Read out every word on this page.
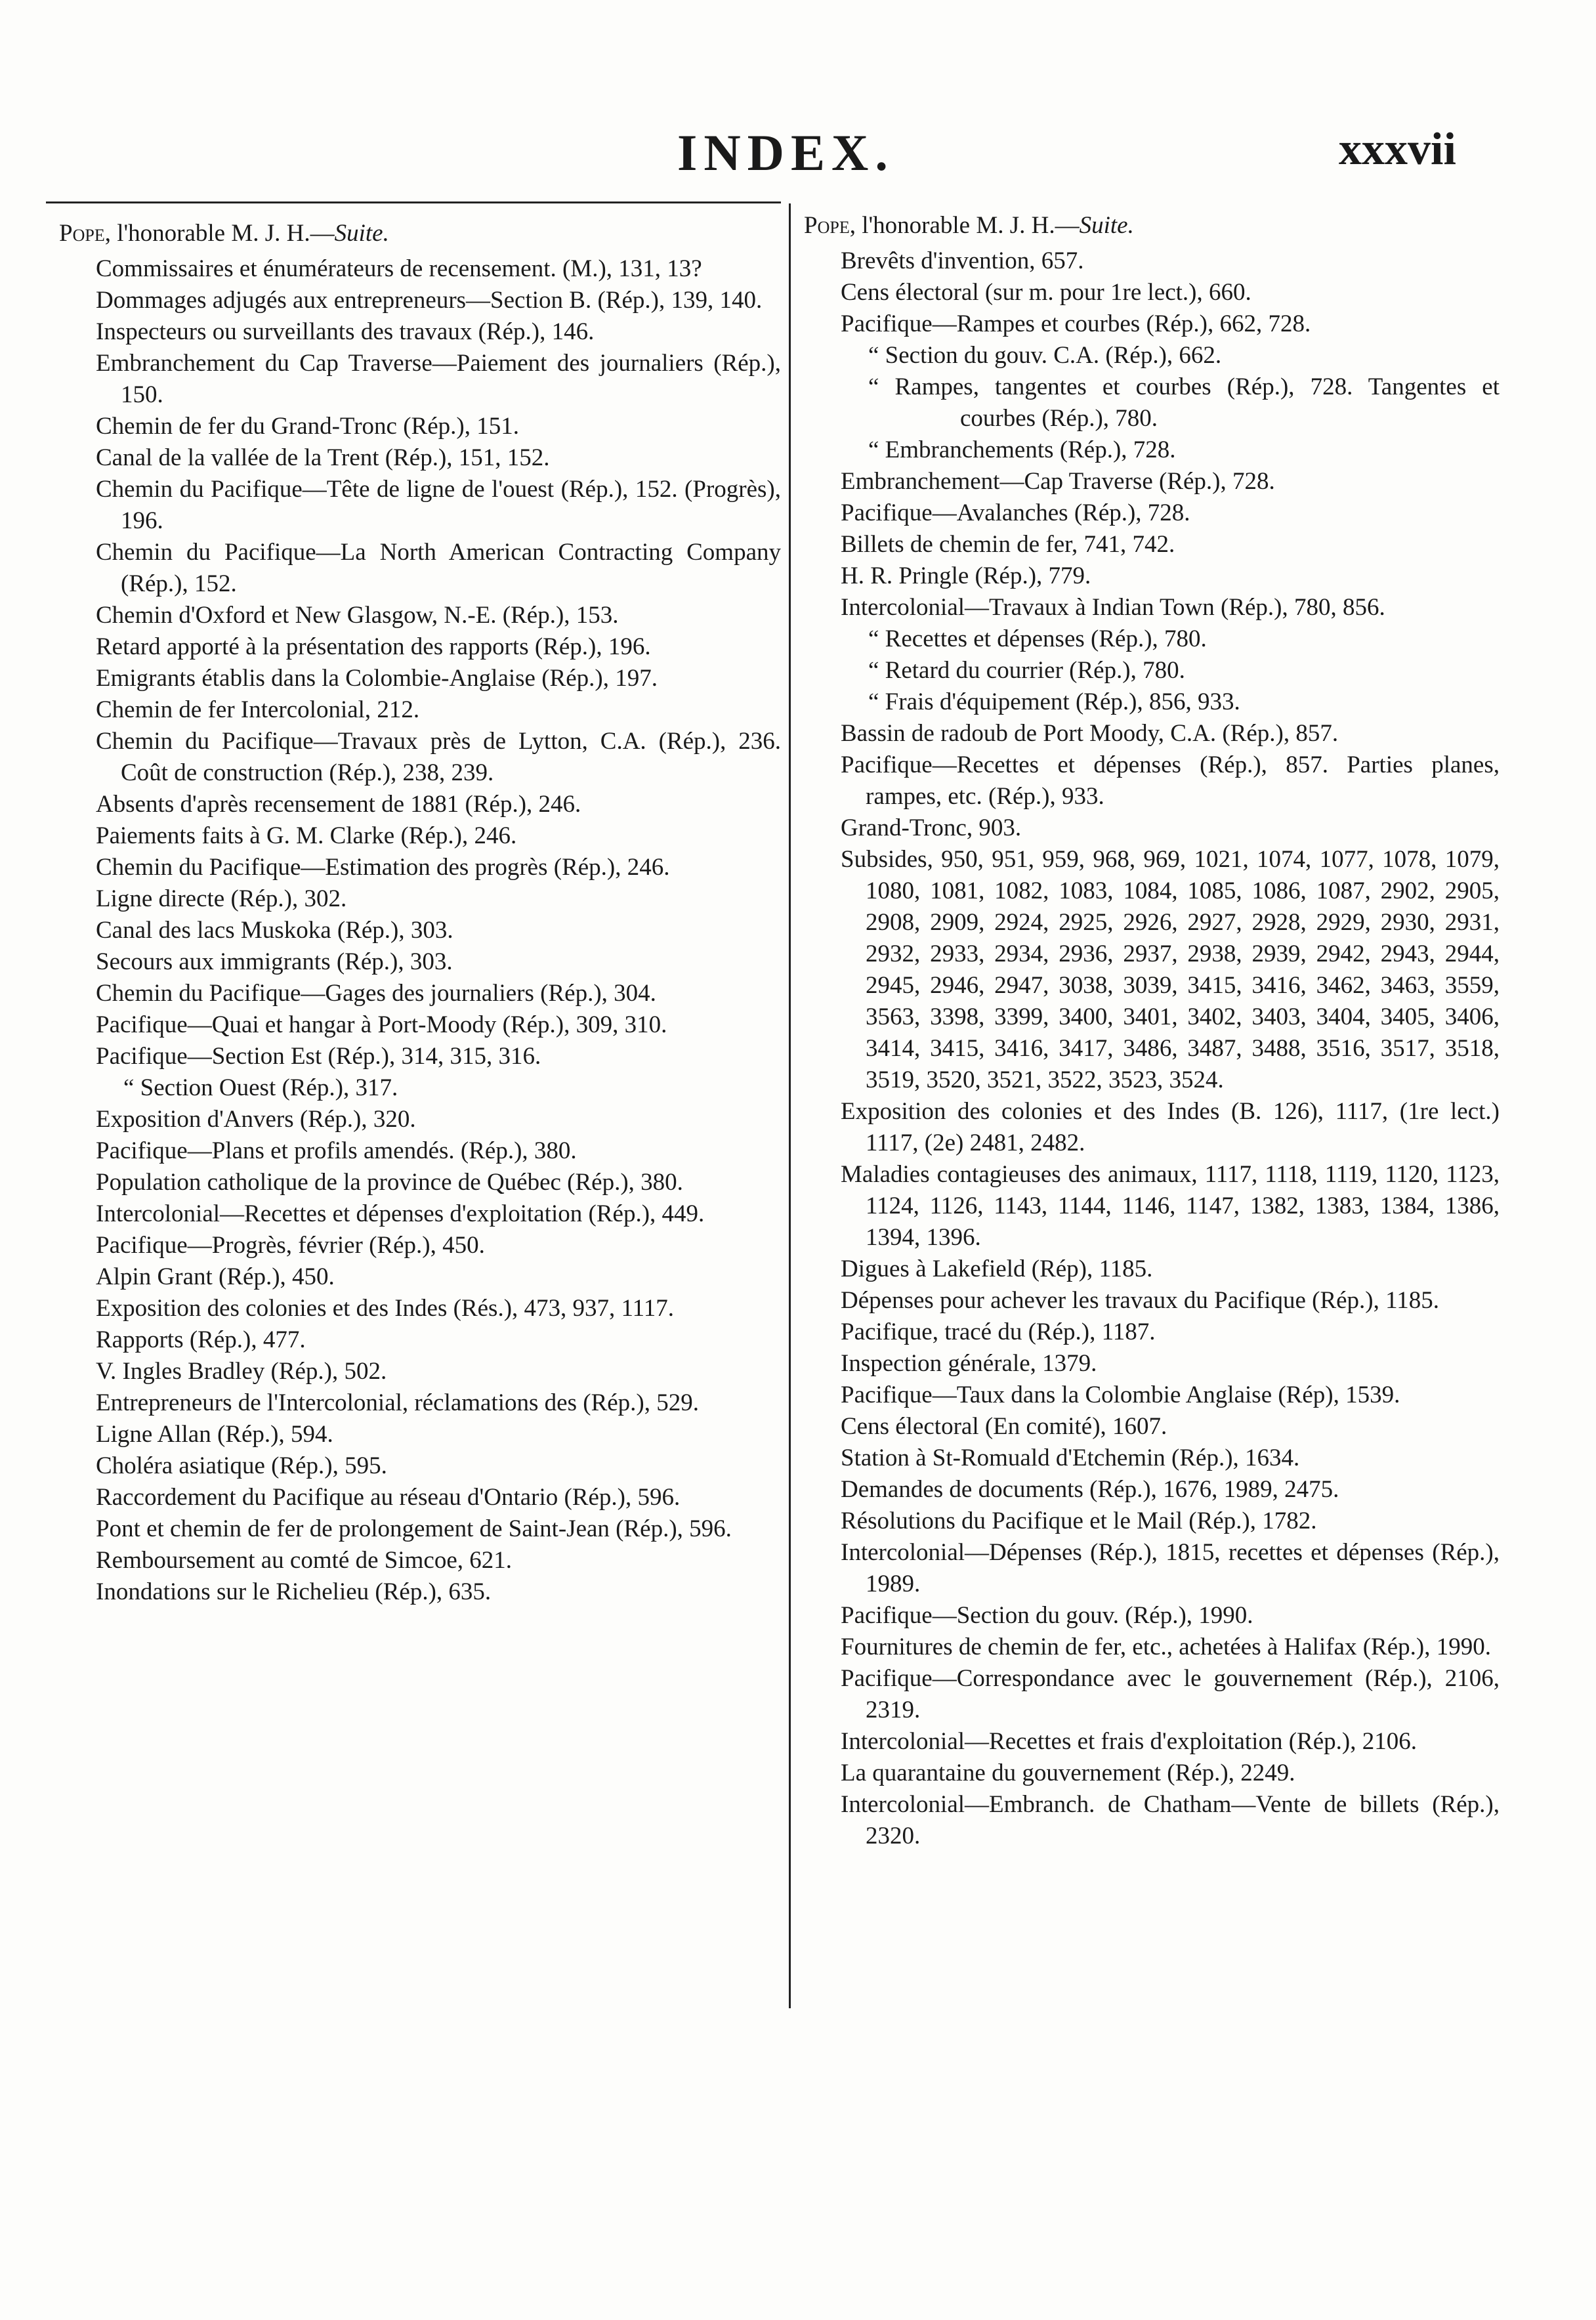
INDEX.	xxxvii
Pope, l'honorable M. J. H.—Suite.
Commissaires et énumérateurs de recensement. (M.), 131, 13?
Dommages adjugés aux entrepreneurs—Section B. (Rép.), 139, 140.
Inspecteurs ou surveillants des travaux (Rép.), 146.
Embranchement du Cap Traverse—Paiement des journaliers (Rép.), 150.
Chemin de fer du Grand-Tronc (Rép.), 151.
Canal de la vallée de la Trent (Rép.), 151, 152.
Chemin du Pacifique—Tête de ligne de l'ouest (Rép.), 152. (Progrès), 196.
Chemin du Pacifique—La North American Contracting Company (Rép.), 152.
Chemin d'Oxford et New Glasgow, N.-E. (Rép.), 153.
Retard apporté à la présentation des rapports (Rép.), 196.
Emigrants établis dans la Colombie-Anglaise (Rép.), 197.
Chemin de fer Intercolonial, 212.
Chemin du Pacifique—Travaux près de Lytton, C.A. (Rép.), 236. Coût de construction (Rép.), 238, 239.
Absents d'après recensement de 1881 (Rép.), 246.
Paiements faits à G. M. Clarke (Rép.), 246.
Chemin du Pacifique—Estimation des progrès (Rép.), 246.
Ligne directe (Rép.), 302.
Canal des lacs Muskoka (Rép.), 303.
Secours aux immigrants (Rép.), 303.
Chemin du Pacifique—Gages des journaliers (Rép.), 304.
Pacifique—Quai et hangar à Port-Moody (Rép.), 309, 310.
Pacifique—Section Est (Rép.), 314, 315, 316.
“ Section Ouest (Rép.), 317.
Exposition d'Anvers (Rép.), 320.
Pacifique—Plans et profils amendés. (Rép.), 380.
Population catholique de la province de Québec (Rép.), 380.
Intercolonial—Recettes et dépenses d'exploitation (Rép.), 449.
Pacifique—Progrès, février (Rép.), 450.
Alpin Grant (Rép.), 450.
Exposition des colonies et des Indes (Rés.), 473, 937, 1117.
Rapports (Rép.), 477.
V. Ingles Bradley (Rép.), 502.
Entrepreneurs de l'Intercolonial, réclamations des (Rép.), 529.
Ligne Allan (Rép.), 594.
Choléra asiatique (Rép.), 595.
Raccordement du Pacifique au réseau d'Ontario (Rép.), 596.
Pont et chemin de fer de prolongement de Saint-Jean (Rép.), 596.
Remboursement au comté de Simcoe, 621.
Inondations sur le Richelieu (Rép.), 635.
Pope, l'honorable M. J. H.—Suite.
Brevêts d'invention, 657.
Cens électoral (sur m. pour 1re lect.), 660.
Pacifique—Rampes et courbes (Rép.), 662, 728.
“ Section du gouv. C.A. (Rép.), 662.
“ Rampes, tangentes et courbes (Rép.), 728. Tangentes et courbes (Rép.), 780.
“ Embranchements (Rép.), 728.
Embranchement—Cap Traverse (Rép.), 728.
Pacifique—Avalanches (Rép.), 728.
Billets de chemin de fer, 741, 742.
H. R. Pringle (Rép.), 779.
Intercolonial—Travaux à Indian Town (Rép.), 780, 856.
“ Recettes et dépenses (Rép.), 780.
“ Retard du courrier (Rép.), 780.
“ Frais d'équipement (Rép.), 856, 933.
Bassin de radoub de Port Moody, C.A. (Rép.), 857.
Pacifique—Recettes et dépenses (Rép.), 857. Parties planes, rampes, etc. (Rép.), 933.
Grand-Tronc, 903.
Subsides, 950, 951, 959, 968, 969, 1021, 1074, 1077, 1078, 1079, 1080, 1081, 1082, 1083, 1084, 1085, 1086, 1087, 2902, 2905, 2908, 2909, 2924, 2925, 2926, 2927, 2928, 2929, 2930, 2931, 2932, 2933, 2934, 2936, 2937, 2938, 2939, 2942, 2943, 2944, 2945, 2946, 2947, 3038, 3039, 3415, 3416, 3462, 3463, 3559, 3563, 3398, 3399, 3400, 3401, 3402, 3403, 3404, 3405, 3406, 3414, 3415, 3416, 3417, 3486, 3487, 3488, 3516, 3517, 3518, 3519, 3520, 3521, 3522, 3523, 3524.
Exposition des colonies et des Indes (B. 126), 1117, (1re lect.) 1117, (2e) 2481, 2482.
Maladies contagieuses des animaux, 1117, 1118, 1119, 1120, 1123, 1124, 1126, 1143, 1144, 1146, 1147, 1382, 1383, 1384, 1386, 1394, 1396.
Digues à Lakefield (Rép), 1185.
Dépenses pour achever les travaux du Pacifique (Rép.), 1185.
Pacifique, tracé du (Rép.), 1187.
Inspection générale, 1379.
Pacifique—Taux dans la Colombie Anglaise (Rép), 1539.
Cens électoral (En comité), 1607.
Station à St-Romuald d'Etchemin (Rép.), 1634.
Demandes de documents (Rép.), 1676, 1989, 2475.
Résolutions du Pacifique et le Mail (Rép.), 1782.
Intercolonial—Dépenses (Rép.), 1815, recettes et dépenses (Rép.), 1989.
Pacifique—Section du gouv. (Rép.), 1990.
Fournitures de chemin de fer, etc., achetées à Halifax (Rép.), 1990.
Pacifique—Correspondance avec le gouvernement (Rép.), 2106, 2319.
Intercolonial—Recettes et frais d'exploitation (Rép.), 2106.
La quarantaine du gouvernement (Rép.), 2249.
Intercolonial—Embranch. de Chatham—Vente de billets (Rép.), 2320.
